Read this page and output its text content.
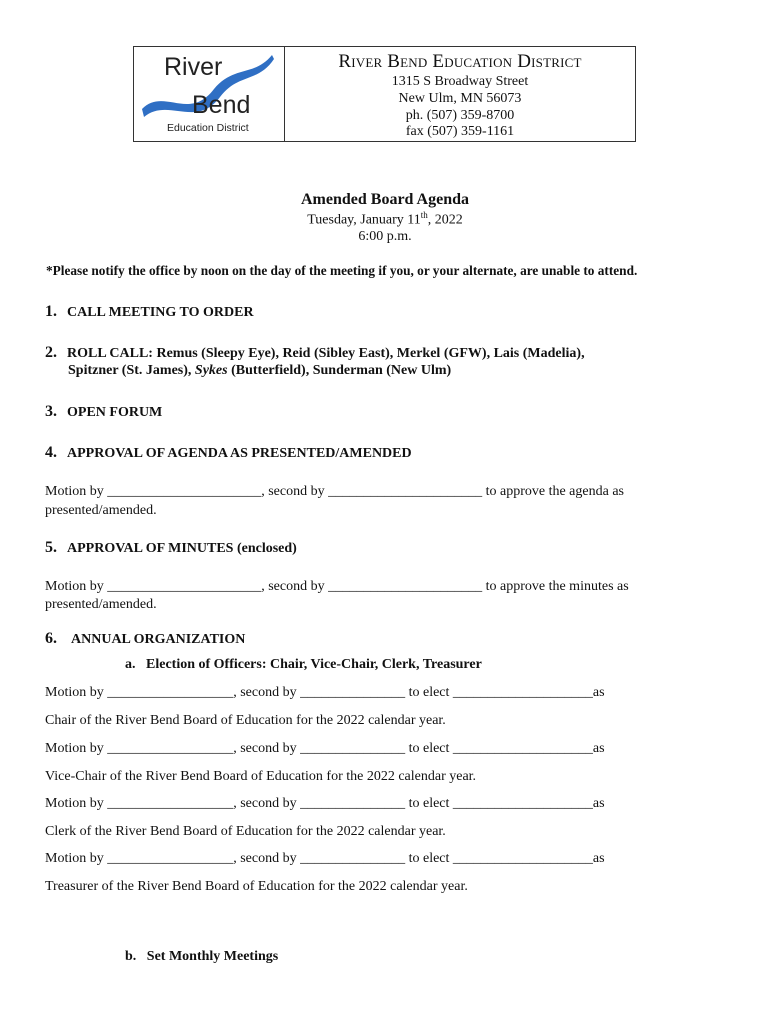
River
Bend
Education District
River Bend Education District
1315 S Broadway Street
New Ulm, MN 56073
ph. (507) 359-8700
fax (507) 359-1161
Amended Board Agenda
Tuesday, January 11th, 2022
6:00 p.m.
*Please notify the office by noon on the day of the meeting if you, or your alternate, are unable to attend.
1. CALL MEETING TO ORDER
2. ROLL CALL: Remus (Sleepy Eye), Reid (Sibley East), Merkel (GFW), Lais (Madelia),
Spitzner (St. James), Sykes (Butterfield), Sunderman (New Ulm)
3. OPEN FORUM
4. APPROVAL OF AGENDA AS PRESENTED/AMENDED
Motion by ______________________, second by ______________________ to approve the agenda as
presented/amended.
5. APPROVAL OF MINUTES (enclosed)
Motion by ______________________, second by ______________________ to approve the minutes as
presented/amended.
6. ANNUAL ORGANIZATION
a.   Election of Officers: Chair, Vice-Chair, Clerk, Treasurer
Motion by __________________, second by _______________ to elect ____________________as
Chair of the River Bend Board of Education for the 2022 calendar year.
Motion by __________________, second by _______________ to elect ____________________as
Vice-Chair of the River Bend Board of Education for the 2022 calendar year.
Motion by __________________, second by _______________ to elect ____________________as
Clerk of the River Bend Board of Education for the 2022 calendar year.
Motion by __________________, second by _______________ to elect ____________________as
Treasurer of the River Bend Board of Education for the 2022 calendar year.
b.   Set Monthly Meetings
